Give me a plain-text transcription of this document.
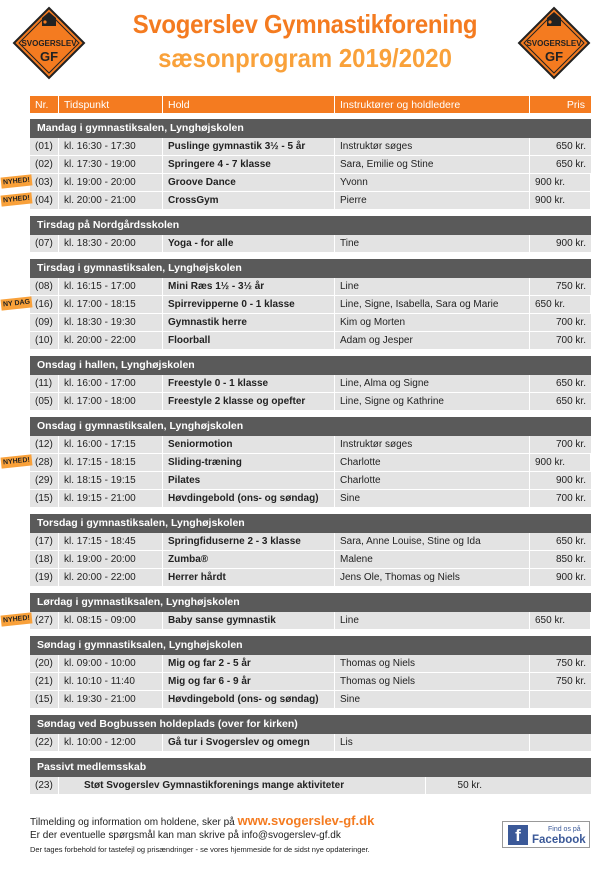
SVOGERSLEV
GF
SVOGERSLEV
GF
Svogerslev Gymnastikforening
sæsonprogram 2019/2020
Nr.	Tidspunkt	Hold	Instruktører og holdledere	Pris
Mandag i gymnastiksalen, Lynghøjskolen
(01)	kl. 16:30 - 17:30	Puslinge gymnastik 3½ - 5 år	Instruktør søges	650 kr.
(02)	kl. 17:30 - 19:00	Springere 4 - 7 klasse	Sara, Emilie og Stine	650 kr.
(03)	kl. 19:00 - 20:00	Groove Dance	Yvonn	900 kr.
NYHED!
(04)	kl. 20:00 - 21:00	CrossGym	Pierre	900 kr.
NYHED!
Tirsdag på Nordgårdsskolen
(07)	kl. 18:30 - 20:00	Yoga - for alle	Tine	900 kr.
Tirsdag i gymnastiksalen, Lynghøjskolen
(08)	kl. 16:15 - 17:00	Mini Ræs 1½ - 3½ år	Line	750 kr.
(16)	kl. 17:00 - 18:15	Spirrevipperne 0 - 1 klasse	Line, Signe, Isabella, Sara og Marie	650 kr.
NY DAG
(09)	kl. 18:30 - 19:30	Gymnastik herre	Kim og Morten	700 kr.
(10)	kl. 20:00 - 22:00	Floorball	Adam og Jesper	700 kr.
Onsdag i hallen, Lynghøjskolen
(11)	kl. 16:00 - 17:00	Freestyle 0 - 1 klasse	Line, Alma og Signe	650 kr.
(05)	kl. 17:00 - 18:00	Freestyle 2 klasse og opefter	Line, Signe og Kathrine	650 kr.
Onsdag i gymnastiksalen, Lynghøjskolen
(12)	kl. 16:00 - 17:15	Seniormotion	Instruktør søges	700 kr.
(28)	kl. 17:15 - 18:15	Sliding-træning	Charlotte	900 kr.
NYHED!
(29)	kl. 18:15 - 19:15	Pilates	Charlotte	900 kr.
(15)	kl. 19:15 - 21:00	Høvdingebold (ons- og søndag)	Sine	700 kr.
Torsdag i gymnastiksalen, Lynghøjskolen
(17)	kl. 17:15 - 18:45	Springfiduserne 2 - 3 klasse	Sara, Anne Louise, Stine og Ida	650 kr.
(18)	kl. 19:00 - 20:00	Zumba®	Malene	850 kr.
(19)	kl. 20:00 - 22:00	Herrer hårdt	Jens Ole, Thomas og Niels	900 kr.
Lørdag i gymnastiksalen, Lynghøjskolen
(27)	kl. 08:15 - 09:00	Baby sanse gymnastik	Line	650 kr.
NYHED!
Søndag i gymnastiksalen, Lynghøjskolen
(20)	kl. 09:00 - 10:00	Mig og far 2 - 5 år	Thomas og Niels	750 kr.
(21)	kl. 10:10 - 11:40	Mig og far 6 - 9 år	Thomas og Niels	750 kr.
(15)	kl. 19:30 - 21:00	Høvdingebold (ons- og søndag)	Sine
Søndag ved Bogbussen holdeplads (over for kirken)
(22)	kl. 10:00 - 12:00	Gå tur i Svogerslev og omegn	Lis
Passivt medlemsskab
(23)	Støt Svogerslev Gymnastikforenings mange aktiviteter	50 kr.
Tilmelding og information om holdene, sker på www.svogerslev-gf.dk
Er der eventuelle spørgsmål kan man skrive på info@svogerslev-gf.dk
Der tages forbehold for tastefejl og prisændringer - se vores hjemmeside for de sidst nye opdateringer.
f	Find os på
Facebook
